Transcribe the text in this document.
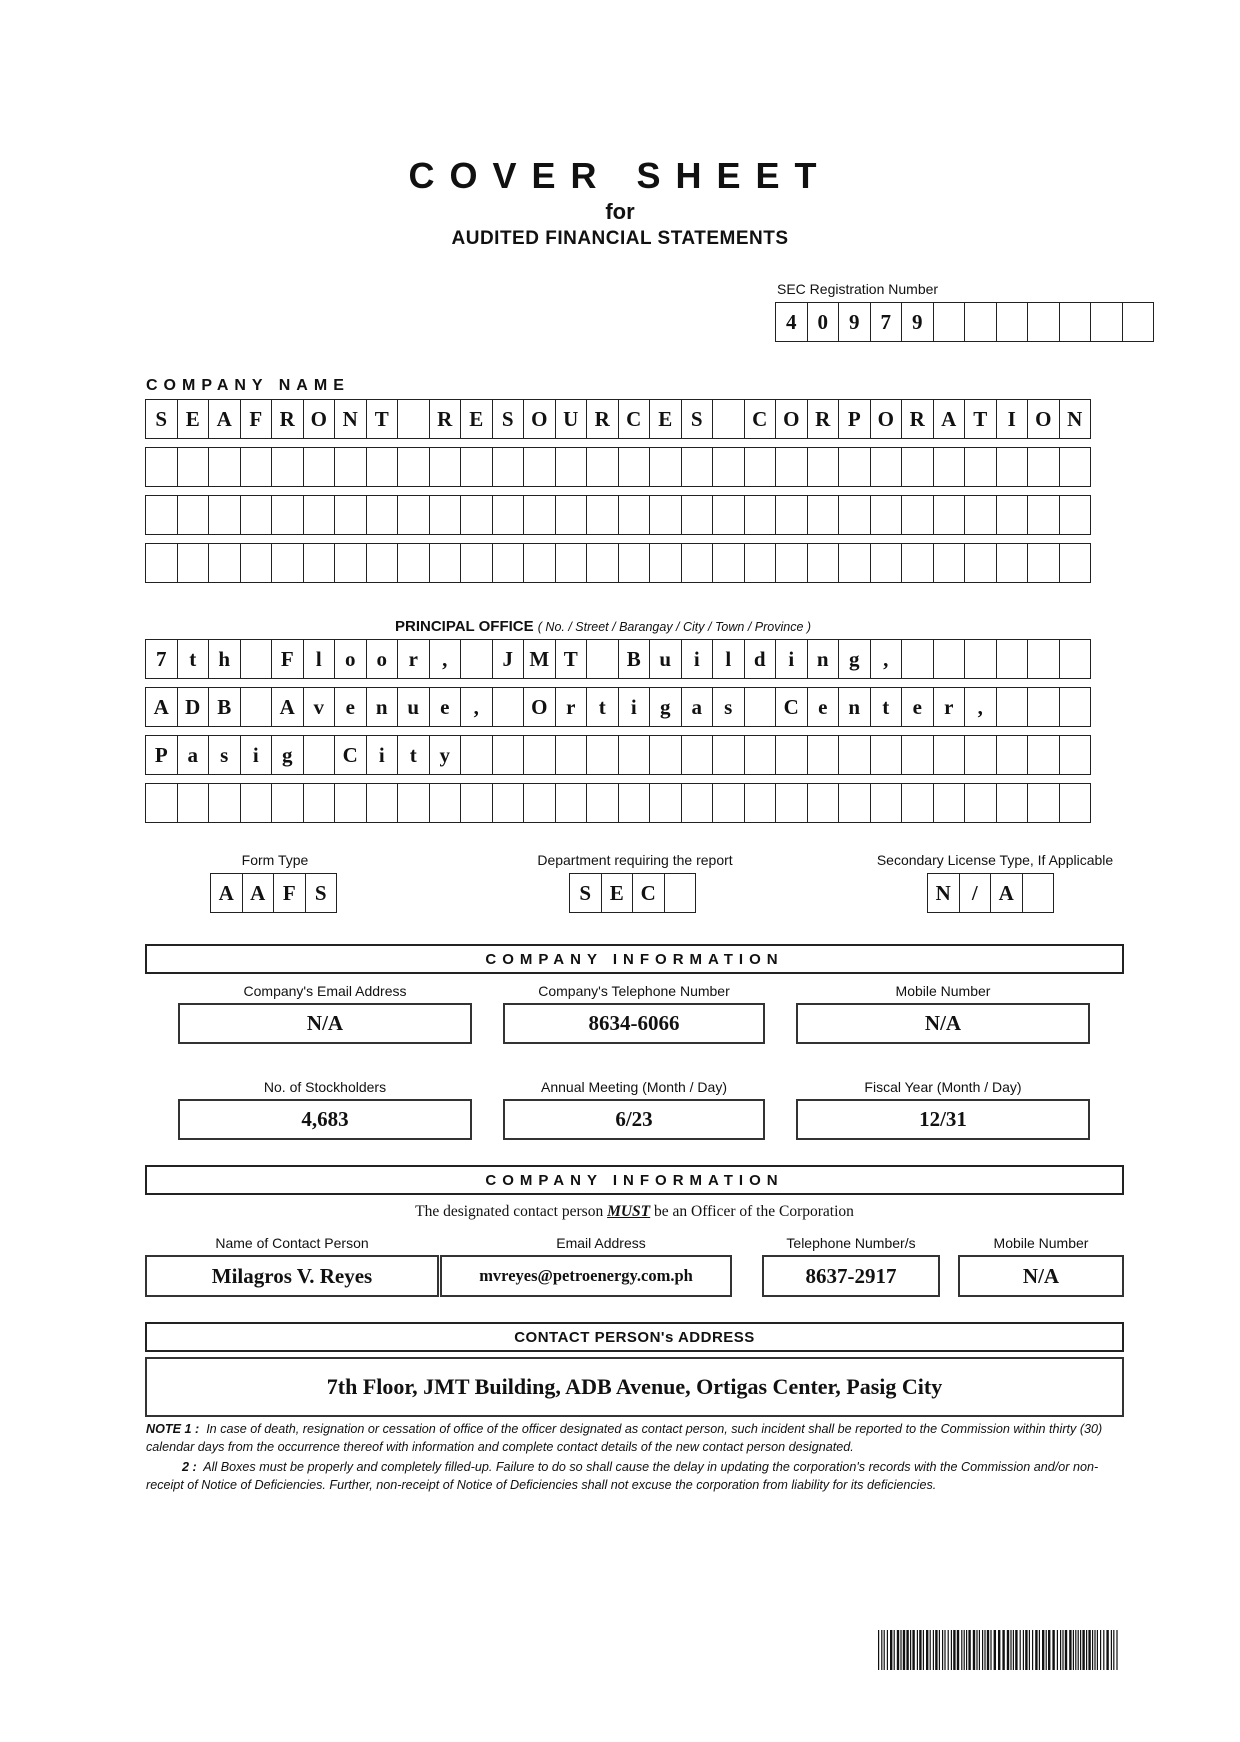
COVER SHEET
for
AUDITED FINANCIAL STATEMENTS
SEC Registration Number
4	0	9	7	9
COMPANY NAME
S E A F R O N T	R E S O U R C E S	C O R P O R A T I O N
PRINCIPAL OFFICE ( No. / Street / Barangay / City / Town / Province )
7	t	h	F	l	o	o	r	,	J M T	B u	i	l	d	i	n g	,
A D B	A v	e	n u e	,	O r	t	i	g	a	s	C e	n	t	e	r	,
P a	s	i	g	C	i	t	y
Form Type
A A F S
Department requiring the report
S E C
Secondary License Type, If Applicable
N	/ A
COMPANY INFORMATION
Company's Email Address
N/A
Company's Telephone Number
8634-6066
Mobile Number
N/A
No. of Stockholders
4,683
Annual Meeting (Month / Day)
6/23
Fiscal Year (Month / Day)
12/31
COMPANY INFORMATION
The designated contact person MUST be an Officer of the Corporation
Name of Contact Person
Milagros V. Reyes
Email Address
mvreyes@petroenergy.com.ph
Telephone Number/s
8637-2917
Mobile Number
N/A
CONTACT PERSON's ADDRESS
7th Floor, JMT Building, ADB Avenue, Ortigas Center, Pasig City
NOTE 1 : In case of death, resignation or cessation of office of the officer designated as contact person, such incident shall be reported to the Commission within thirty (30) calendar days from the occurrence thereof with information and complete contact details of the new contact person designated.
2 : All Boxes must be properly and completely filled-up. Failure to do so shall cause the delay in updating the corporation's records with the Commission and/or non-receipt of Notice of Deficiencies. Further, non-receipt of Notice of Deficiencies shall not excuse the corporation from liability for its deficiencies.
